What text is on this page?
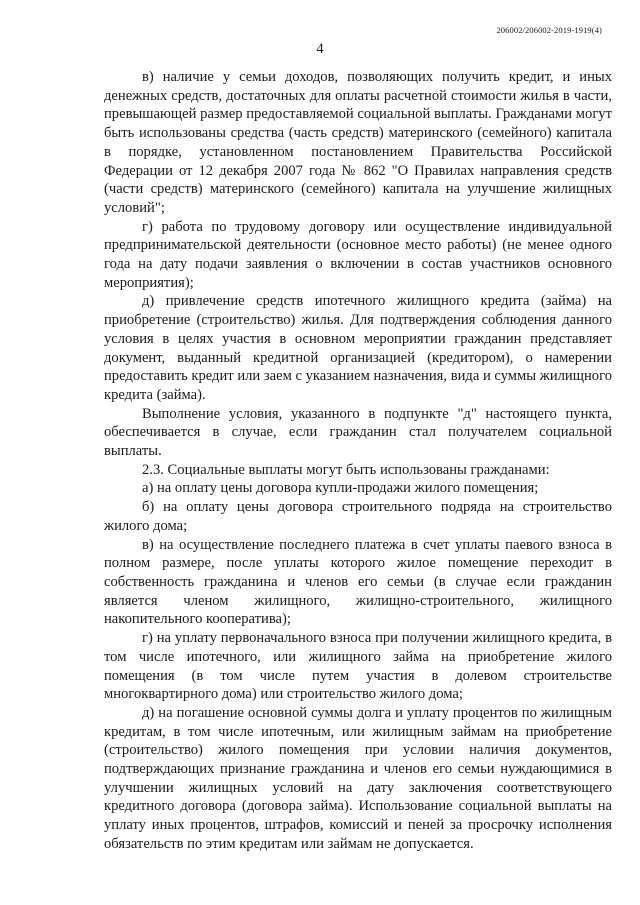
206002/206002-2019-1919(4)
4

в) наличие у семьи доходов, позволяющих получить кредит, и иных денежных средств, достаточных для оплаты расчетной стоимости жилья в части, превышающей размер предоставляемой социальной выплаты. Гражданами могут быть использованы средства (часть средств) материнского (семейного) капитала в порядке, установленном постановлением Правительства Российской Федерации от 12 декабря 2007 года № 862 "О Правилах направления средств (части средств) материнского (семейного) капитала на улучшение жилищных условий";

г) работа по трудовому договору или осуществление индивидуальной предпринимательской деятельности (основное место работы) (не менее одного года на дату подачи заявления о включении в состав участников основного мероприятия);

д) привлечение средств ипотечного жилищного кредита (займа) на приобретение (строительство) жилья. Для подтверждения соблюдения данного условия в целях участия в основном мероприятии гражданин представляет документ, выданный кредитной организацией (кредитором), о намерении предоставить кредит или заем с указанием назначения, вида и суммы жилищного кредита (займа).

Выполнение условия, указанного в подпункте "д" настоящего пункта, обеспечивается в случае, если гражданин стал получателем социальной выплаты.

2.3. Социальные выплаты могут быть использованы гражданами:

а) на оплату цены договора купли-продажи жилого помещения;

б) на оплату цены договора строительного подряда на строительство жилого дома;

в) на осуществление последнего платежа в счет уплаты паевого взноса в полном размере, после уплаты которого жилое помещение переходит в собственность гражданина и членов его семьи (в случае если гражданин является членом жилищного, жилищно-строительного, жилищного накопительного кооператива);

г) на уплату первоначального взноса при получении жилищного кредита, в том числе ипотечного, или жилищного займа на приобретение жилого помещения (в том числе путем участия в долевом строительстве многоквартирного дома) или строительство жилого дома;

д) на погашение основной суммы долга и уплату процентов по жилищным кредитам, в том числе ипотечным, или жилищным займам на приобретение (строительство) жилого помещения при условии наличия документов, подтверждающих признание гражданина и членов его семьи нуждающимися в улучшении жилищных условий на дату заключения соответствующего кредитного договора (договора займа). Использование социальной выплаты на уплату иных процентов, штрафов, комиссий и пеней за просрочку исполнения обязательств по этим кредитам или займам не допускается.
